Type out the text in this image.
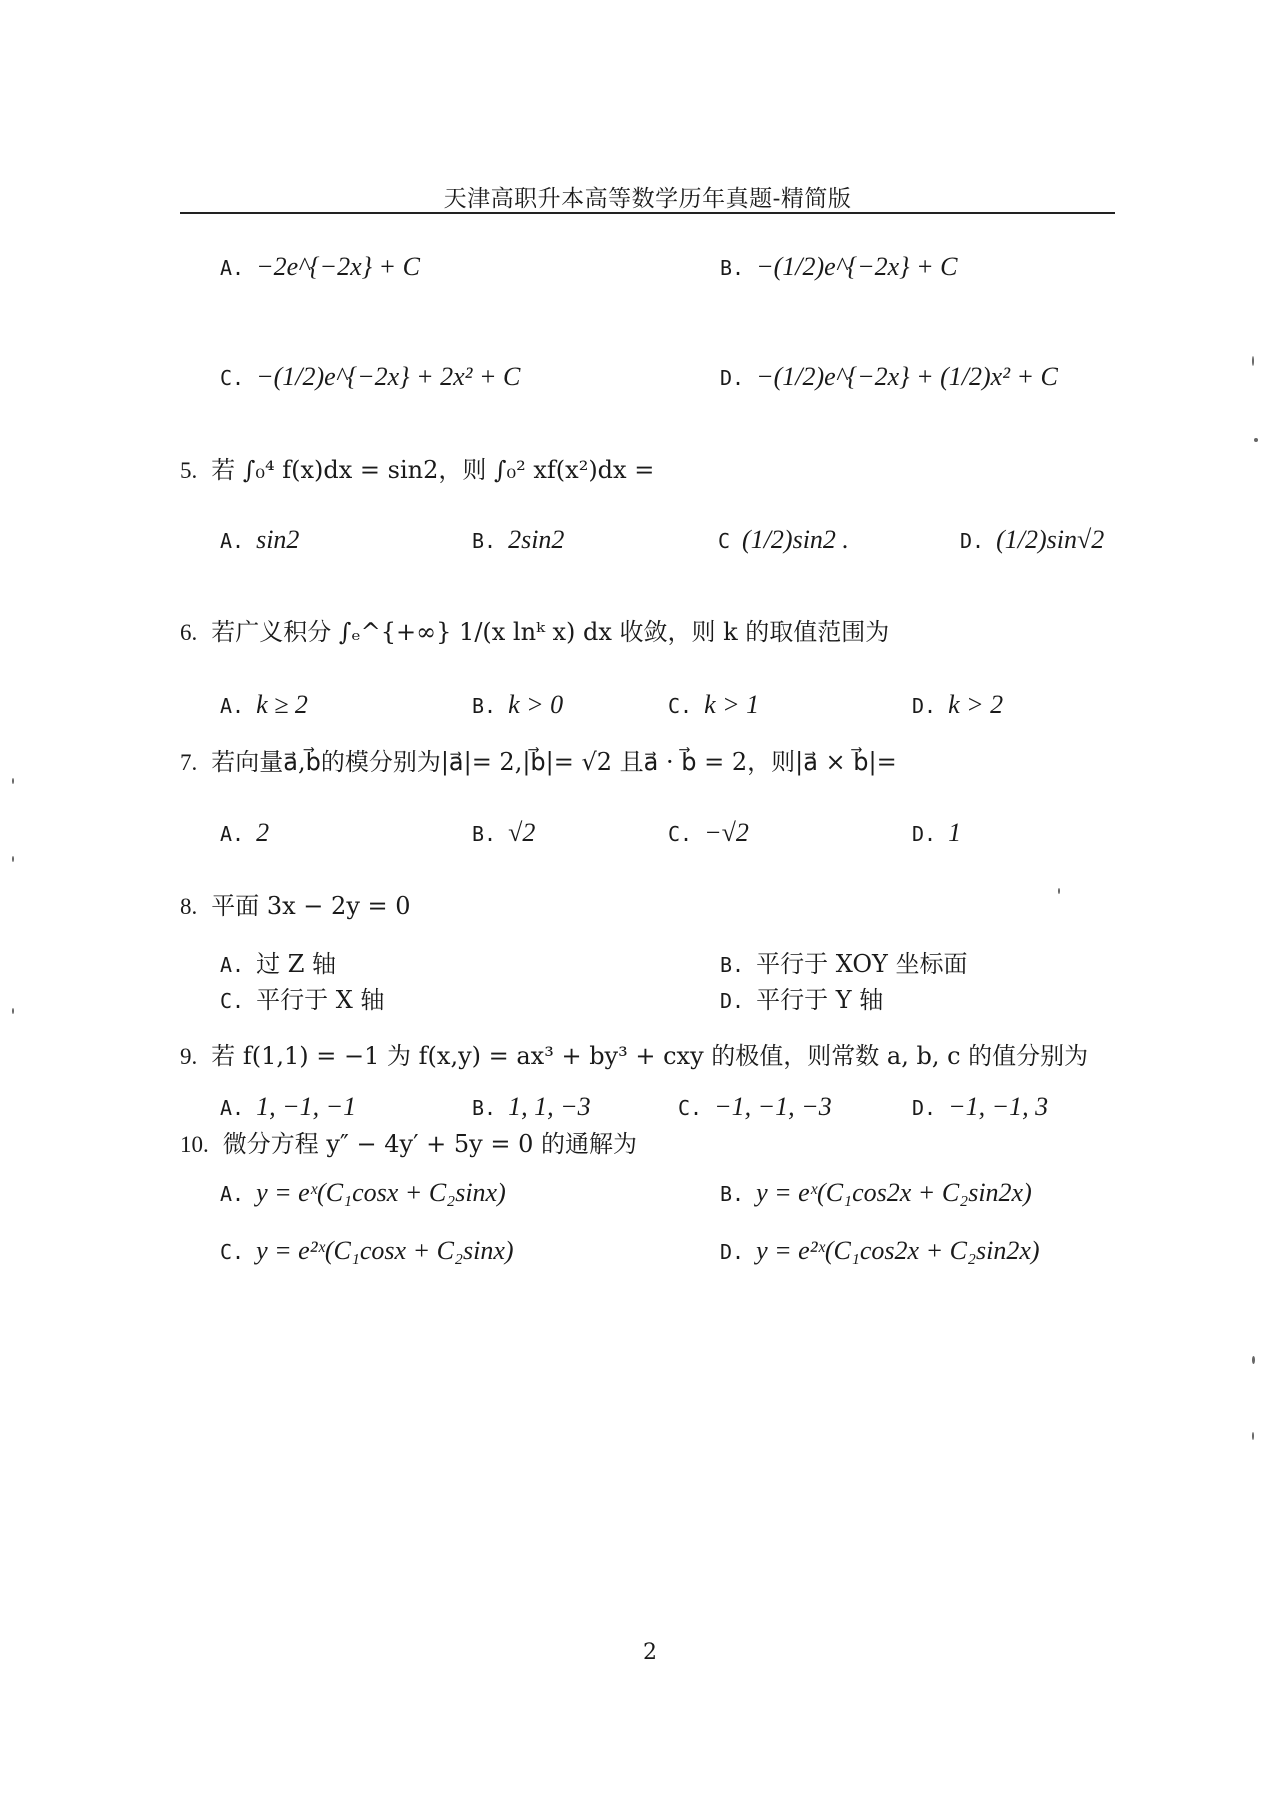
天津高职升本高等数学历年真题-精简版
A. −2e^{−2x} + C	B. −(1/2)e^{−2x} + C
C. −(1/2)e^{−2x} + 2x² + C	D. −(1/2)e^{−2x} + (1/2)x² + C
5. 若 ∫₀⁴ f(x)dx = sin2，则 ∫₀² xf(x²)dx =
A. sin2	B. 2sin2	C (1/2)sin2 .	D. (1/2)sin√2
6. 若广义积分 ∫ₑ^{+∞} 1/(x lnᵏ x) dx 收敛，则 k 的取值范围为
A. k ≥ 2	B. k > 0	C. k > 1	D. k > 2
7. 若向量a⃗,b⃗的模分别为|a⃗|= 2,|b⃗|= √2 且a⃗ · b⃗ = 2，则|a⃗ × b⃗|=
A. 2	B. √2	C. −√2	D. 1
8. 平面 3x − 2y = 0
A. 过 Z 轴	B. 平行于 XOY 坐标面
C. 平行于 X 轴	D. 平行于 Y 轴
9. 若 f(1,1) = −1 为 f(x,y) = ax³ + by³ + cxy 的极值，则常数 a, b, c 的值分别为
A. 1, −1, −1	B. 1, 1, −3	C. −1, −1, −3	D. −1, −1, 3
10. 微分方程 y″ − 4y′ + 5y = 0 的通解为
A. y = eˣ(C₁cosx + C₂sinx)	B. y = eˣ(C₁cos2x + C₂sin2x)
C. y = e²ˣ(C₁cosx + C₂sinx)	D. y = e²ˣ(C₁cos2x + C₂sin2x)
2
